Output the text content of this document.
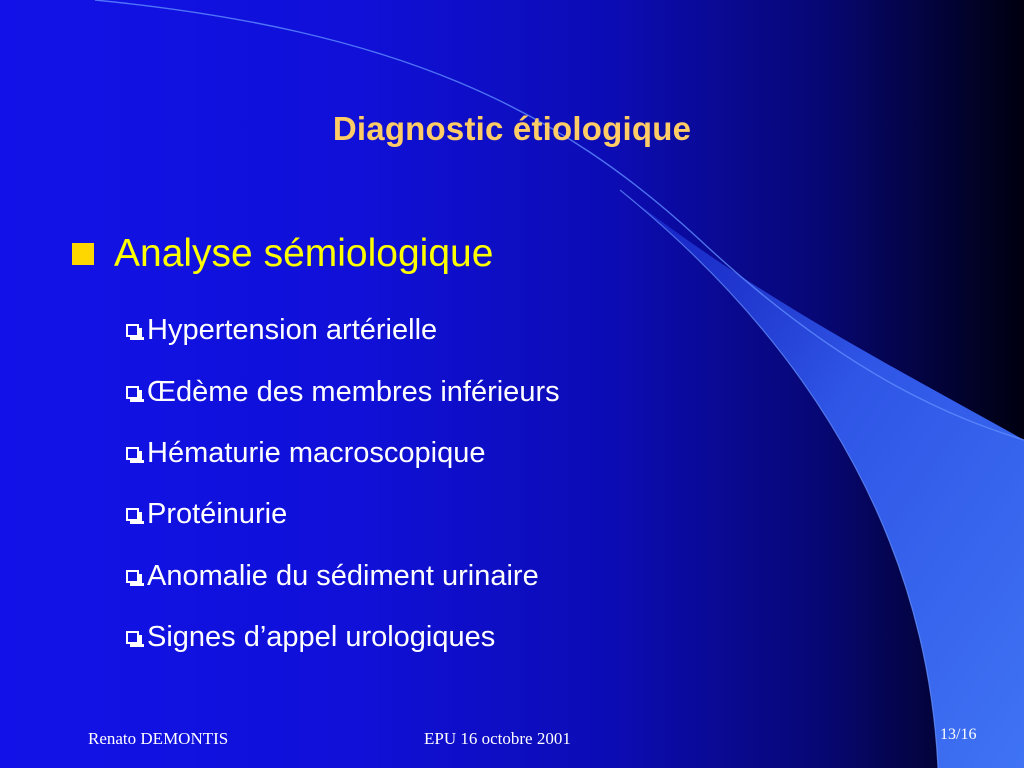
Diagnostic étiologique
Analyse sémiologique
Hypertension artérielle
Œdème des membres inférieurs
Hématurie macroscopique
Protéinurie
Anomalie du sédiment urinaire
Signes d’appel urologiques
Renato DEMONTIS	EPU 16 octobre 2001	13/16
